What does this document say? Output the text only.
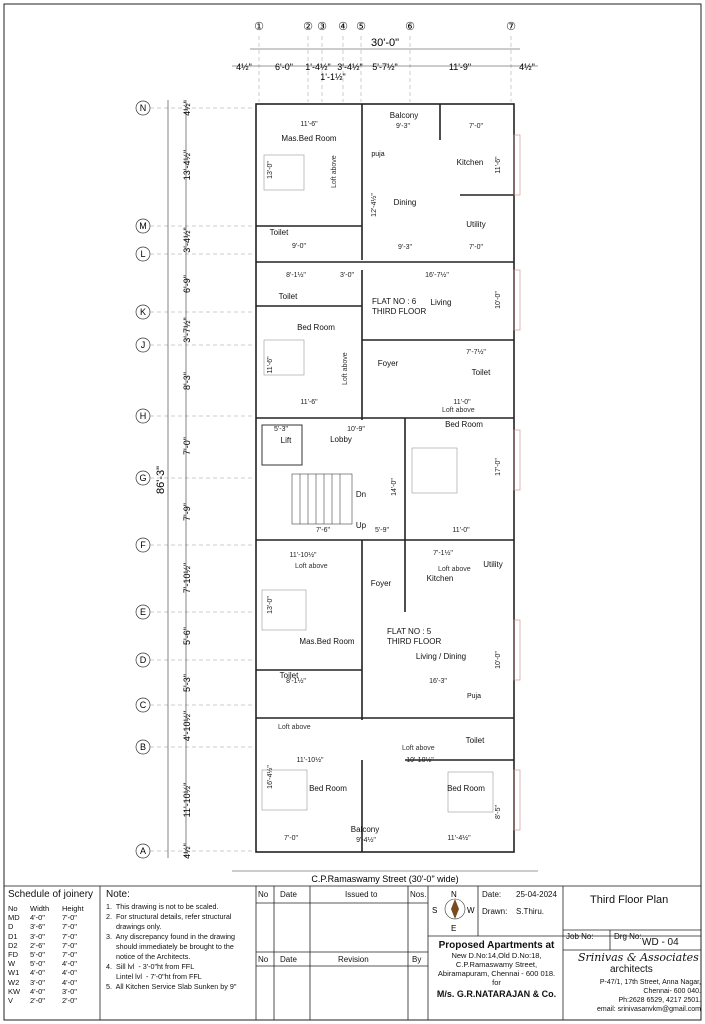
①	② ③ ④ ⑤	⑥	⑦
30'-0"
4½"	6'-0" 1'-4½" 3'-4½" 5'-7½"	11'-9"	4½"
1'-1½"
N
M
L
K
J
H
G
F
E
D
C
B
A
86'-3"
4½"
13'-4½"
3'-4½"
6'-9"
3'-7½"
8'-3"
7'-0"
7'-9"
7'-10½"
5'-6"
5'-3"
4'-10½"
11'-10½"
4½"
Mas.Bed Room
Kitchen
Dining
Balcony
Utility
puja
Toilet
Toilet
Bed Room
Living
Toilet
Foyer
Bed Room
Lift	Lobby
Dn
Up
Foyer
Kitchen
Utility
Mas.Bed Room
Living / Dining
Toilet
Toilet
Puja
Bed Room	Bed Room
Balcony
FLAT NO : 6
THIRD FLOOR
FLAT NO : 5
THIRD FLOOR
Loft above
Loft above
Loft above
Loft above
Loft above
Loft above
Loft above
11'-6"
13'-0"
9'-3"	7'-0"
11'-6"
12'-4½"
9'-3"	7'-0"
9'-0"
8'-1½"	3'-0"	16'-7½"
10'-0"
11'-6"
11'-6"
7'-7½"
11'-0"
5'-3"	10'-9"
17'-0"
14'-0"
7'-6"	5'-9"	11'-0"
11'-10½"	7'-1½"
13'-0"
16'-3"
10'-0"
8'-1½"
10'-10½"
11'-10½"
16'-4½"
7'-0"	9'-4½"	11'-4½"
8'-5"
C.P.Ramaswamy Street (30'-0" wide)
N
S	W
E
Schedule of joinery
No	Width	Height
MD	4'-0"	7'-0"
D	3'-6"	7'-0"
D1	3'-0"	7'-0"
D2	2'-6"	7'-0"
FD	5'-0"	7'-0"
W	5'-0"	4'-0"
W1	4'-0"	4'-0"
W2	3'-0"	4'-0"
KW	4'-0"	3'-0"
V	2'-0"	2'-0"
Note:
1.  This drawing is not to be scaled.
2.  For structural details, refer structural
drawings only.
3.  Any discrepancy found in the drawing
should immediately be brought to the
notice of the Architects.
4.  Sill lvl  - 3'-0"ht from FFL
Lintel lvl  - 7'-0"ht from FFL
5.  All Kitchen Service Slab Sunken by 9"
No Date	Issued to	Nos.
No Date	Revision	By
Date: 25-04-2024
Drawn: S.Thiru.
Proposed Apartments at
New D.No:14,Old D.No:18,
C.P.Ramaswamy Street,
Abiramapuram, Chennai - 600 018.
for
M/s. G.R.NATARAJAN & Co.
Third Floor Plan
Job No:	Drg No:
WD - 04
Srinivas & Associates
architects
P-47/1, 17th Street, Anna Nagar,
Chennai- 600 040.
Ph:2628 6529, 4217 2501.
email: srinivasanvkm@gmail.com
